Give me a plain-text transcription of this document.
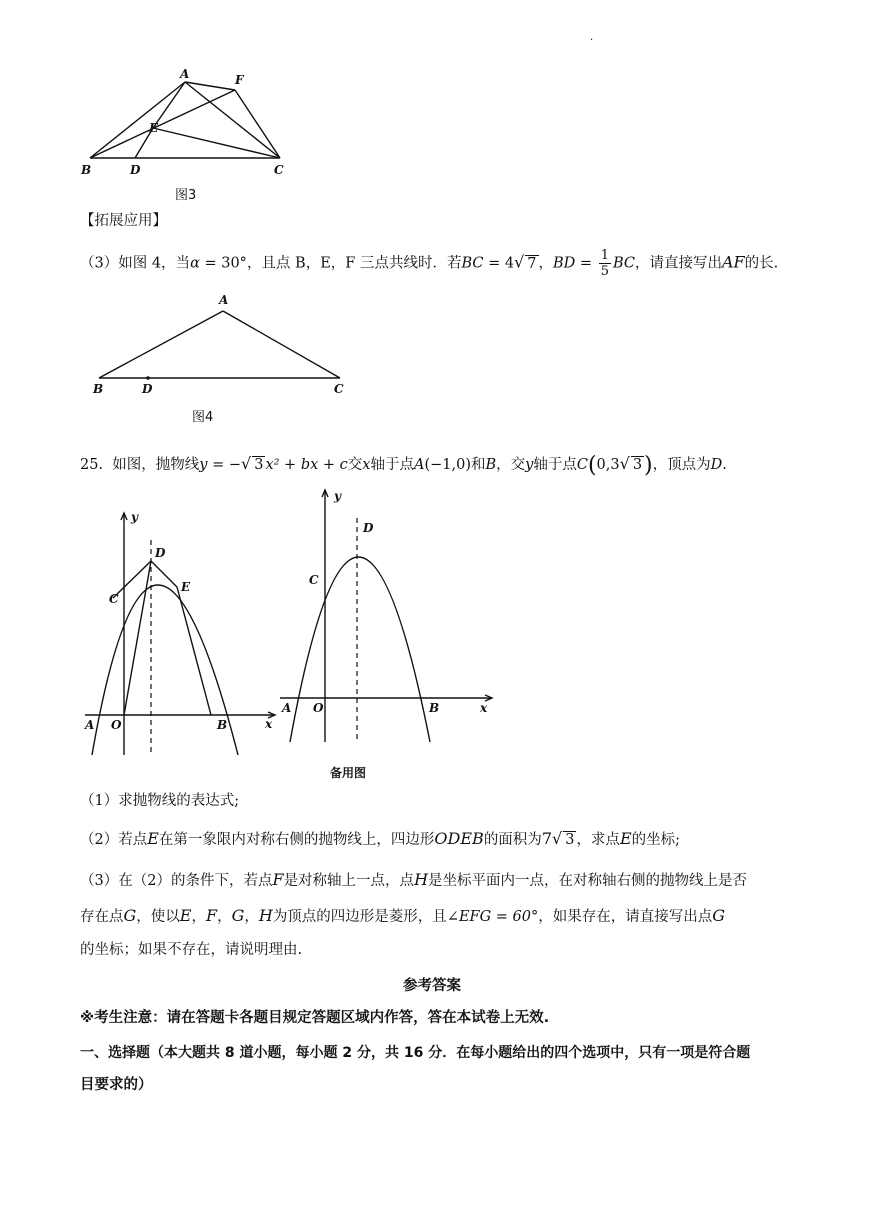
.
A	F
E
B	D	C
图3
【拓展应用】
（3）如图 4，当α = 30°，且点 B，E，F 三点共线时．若BC = 4√ 7 ，BD = $\frac{1}{5}$ BC，请直接写出AF的长.
A
B	D	C
图4
25. 如图，抛物线y = −√ 3 x² + bx + c交x轴于点A(−1,0)和B，交y轴于点C(0,3√ 3)，顶点为D.
y
x
D
C
E
A O	B
y
x
D
C
A O	B
备用图
（1）求抛物线的表达式;
（2）若点E在第一象限内对称右侧的抛物线上，四边形ODEB的面积为7√ 3 ，求点E的坐标;
（3）在（2）的条件下，若点F是对称轴上一点，点H是坐标平面内一点，在对称轴右侧的抛物线上是否
存在点G，使以E，F，G，H为顶点的四边形是菱形，且∠EFG = 60°，如果存在，请直接写出点G
的坐标；如果不存在，请说明理由.
参考答案
※考生注意：请在答题卡各题目规定答题区域内作答，答在本试卷上无效.
一、选择题（本大题共 8 道小题，每小题 2 分，共 16 分．在每小题给出的四个选项中，只有一项是符合题
目要求的）
